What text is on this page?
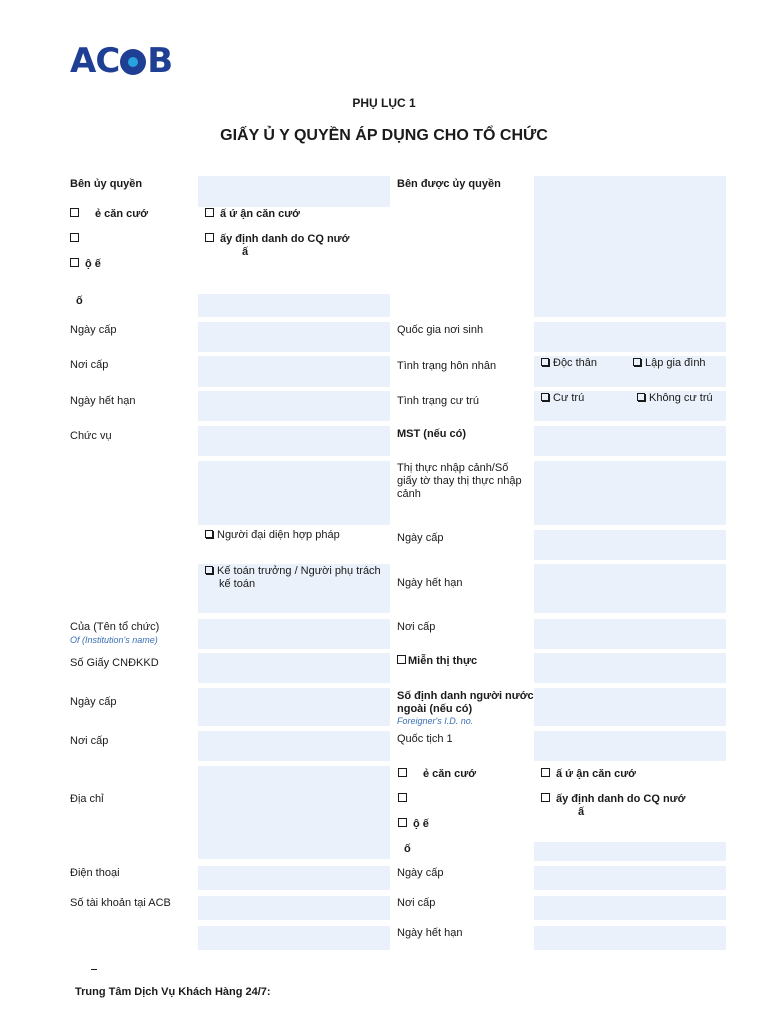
AC B
PHỤ LỤC 1
GIẤY Ủ Y QUYỀN ÁP DỤNG CHO TỔ CHỨC
Bên ủy quyền
ẻ căn cướ	ấ ứ ận căn cướ
ấy định danh do CQ nướ
ấ
ộ ế
ố
Ngày cấp
Nơi cấp
Ngày hết hạn
Chức vụ
Người đại diện hợp pháp
Kế toán trưởng / Người phụ trách
kế toán
Của (Tên tổ chức)
Of (Institution's name)
Số Giấy CNĐKKD
Ngày cấp
Nơi cấp
Địa chỉ
Điện thoại
Số tài khoản tại ACB
Bên được ủy quyền
Quốc gia nơi sinh
Tình trạng hôn nhân	Độc thân	Lập gia đình
Tình trạng cư trú	Cư trú	Không cư trú
MST (nếu có)
Thị thực nhập cảnh/Số
giấy tờ thay thị thực nhập
cảnh
Ngày cấp
Ngày hết hạn
Nơi cấp
Miễn thị thực
Số định danh người nước
ngoài (nếu có)
Foreigner's I.D. no.
Quốc tịch 1
ẻ căn cướ	ấ ứ ận căn cướ
ấy định danh do CQ nướ
ấ
ộ ế
ố
Ngày cấp
Nơi cấp
Ngày hết hạn
Trung Tâm Dịch Vụ Khách Hàng 24/7:
